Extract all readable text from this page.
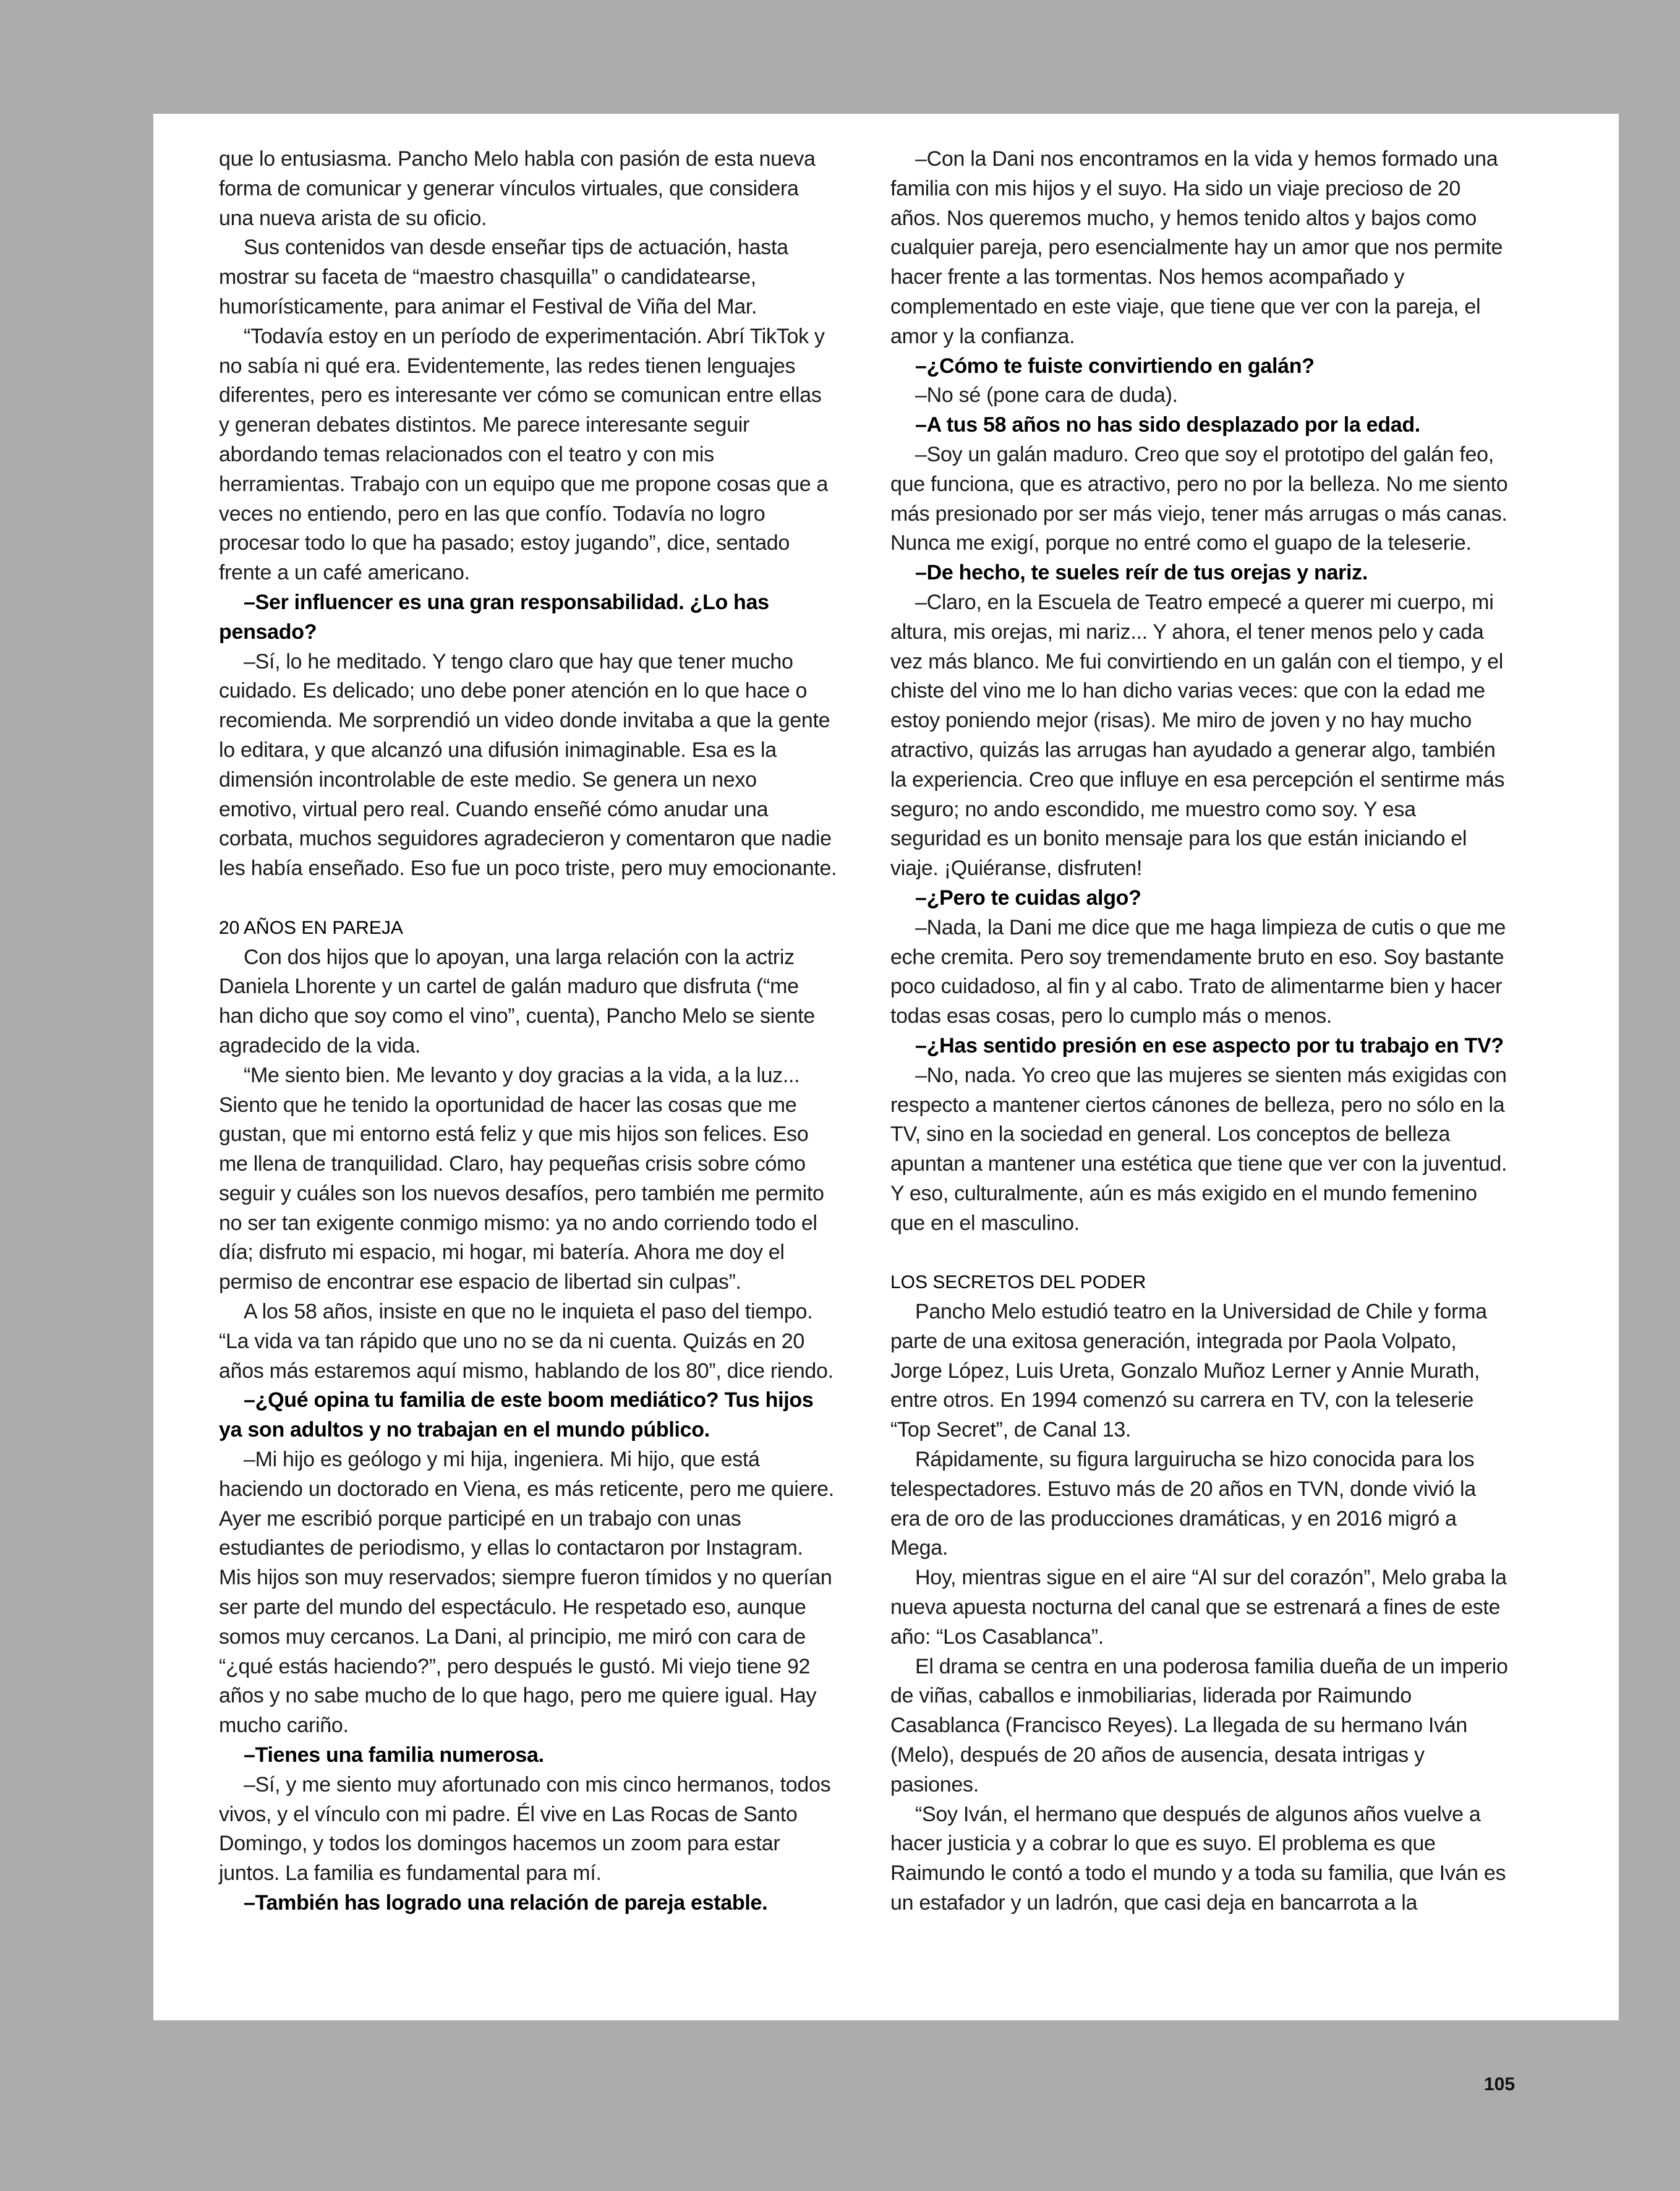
que lo entusiasma. Pancho Melo habla con pasión de esta nueva forma de comunicar y generar vínculos virtuales, que considera una nueva arista de su oficio.

Sus contenidos van desde enseñar tips de actuación, hasta mostrar su faceta de “maestro chasquilla” o candidatearse, humorísticamente, para animar el Festival de Viña del Mar.

“Todavía estoy en un período de experimentación. Abrí TikTok y no sabía ni qué era. Evidentemente, las redes tienen lenguajes diferentes, pero es interesante ver cómo se comunican entre ellas y generan debates distintos. Me parece interesante seguir abordando temas relacionados con el teatro y con mis herramientas. Trabajo con un equipo que me propone cosas que a veces no entiendo, pero en las que confío. Todavía no logro procesar todo lo que ha pasado; estoy jugando”, dice, sentado frente a un café americano.

–Ser influencer es una gran responsabilidad. ¿Lo has pensado?

–Sí, lo he meditado. Y tengo claro que hay que tener mucho cuidado. Es delicado; uno debe poner atención en lo que hace o recomienda. Me sorprendió un video donde invitaba a que la gente lo editara, y que alcanzó una difusión inimaginable. Esa es la dimensión incontrolable de este medio. Se genera un nexo emotivo, virtual pero real. Cuando enseñé cómo anudar una corbata, muchos seguidores agradecieron y comentaron que nadie les había enseñado. Eso fue un poco triste, pero muy emocionante.

20 AÑOS EN PAREJA

Con dos hijos que lo apoyan, una larga relación con la actriz Daniela Lhorente y un cartel de galán maduro que disfruta (“me han dicho que soy como el vino”, cuenta), Pancho Melo se siente agradecido de la vida.

“Me siento bien. Me levanto y doy gracias a la vida, a la luz... Siento que he tenido la oportunidad de hacer las cosas que me gustan, que mi entorno está feliz y que mis hijos son felices. Eso me llena de tranquilidad. Claro, hay pequeñas crisis sobre cómo seguir y cuáles son los nuevos desafíos, pero también me permito no ser tan exigente conmigo mismo: ya no ando corriendo todo el día; disfruto mi espacio, mi hogar, mi batería. Ahora me doy el permiso de encontrar ese espacio de libertad sin culpas”.

A los 58 años, insiste en que no le inquieta el paso del tiempo. “La vida va tan rápido que uno no se da ni cuenta. Quizás en 20 años más estaremos aquí mismo, hablando de los 80”, dice riendo.

–¿Qué opina tu familia de este boom mediático? Tus hijos ya son adultos y no trabajan en el mundo público.

–Mi hijo es geólogo y mi hija, ingeniera. Mi hijo, que está haciendo un doctorado en Viena, es más reticente, pero me quiere. Ayer me escribió porque participé en un trabajo con unas estudiantes de periodismo, y ellas lo contactaron por Instagram. Mis hijos son muy reservados; siempre fueron tímidos y no querían ser parte del mundo del espectáculo. He respetado eso, aunque somos muy cercanos. La Dani, al principio, me miró con cara de “¿qué estás haciendo?”, pero después le gustó. Mi viejo tiene 92 años y no sabe mucho de lo que hago, pero me quiere igual. Hay mucho cariño.

–Tienes una familia numerosa.

–Sí, y me siento muy afortunado con mis cinco hermanos, todos vivos, y el vínculo con mi padre. Él vive en Las Rocas de Santo Domingo, y todos los domingos hacemos un zoom para estar juntos. La familia es fundamental para mí.

–También has logrado una relación de pareja estable.

–Con la Dani nos encontramos en la vida y hemos formado una familia con mis hijos y el suyo. Ha sido un viaje precioso de 20 años. Nos queremos mucho, y hemos tenido altos y bajos como cualquier pareja, pero esencialmente hay un amor que nos permite hacer frente a las tormentas. Nos hemos acompañado y complementado en este viaje, que tiene que ver con la pareja, el amor y la confianza.

–¿Cómo te fuiste convirtiendo en galán?

–No sé (pone cara de duda).

–A tus 58 años no has sido desplazado por la edad.

–Soy un galán maduro. Creo que soy el prototipo del galán feo, que funciona, que es atractivo, pero no por la belleza. No me siento más presionado por ser más viejo, tener más arrugas o más canas. Nunca me exigí, porque no entré como el guapo de la teleserie.

–De hecho, te sueles reír de tus orejas y nariz.

–Claro, en la Escuela de Teatro empecé a querer mi cuerpo, mi altura, mis orejas, mi nariz... Y ahora, el tener menos pelo y cada vez más blanco. Me fui convirtiendo en un galán con el tiempo, y el chiste del vino me lo han dicho varias veces: que con la edad me estoy poniendo mejor (risas). Me miro de joven y no hay mucho atractivo, quizás las arrugas han ayudado a generar algo, también la experiencia. Creo que influye en esa percepción el sentirme más seguro; no ando escondido, me muestro como soy. Y esa seguridad es un bonito mensaje para los que están iniciando el viaje. ¡Quiéranse, disfruten!

–¿Pero te cuidas algo?

–Nada, la Dani me dice que me haga limpieza de cutis o que me eche cremita. Pero soy tremendamente bruto en eso. Soy bastante poco cuidadoso, al fin y al cabo. Trato de alimentarme bien y hacer todas esas cosas, pero lo cumplo más o menos.

–¿Has sentido presión en ese aspecto por tu trabajo en TV?

–No, nada. Yo creo que las mujeres se sienten más exigidas con respecto a mantener ciertos cánones de belleza, pero no sólo en la TV, sino en la sociedad en general. Los conceptos de belleza apuntan a mantener una estética que tiene que ver con la juventud. Y eso, culturalmente, aún es más exigido en el mundo femenino que en el masculino.

LOS SECRETOS DEL PODER

Pancho Melo estudió teatro en la Universidad de Chile y forma parte de una exitosa generación, integrada por Paola Volpato, Jorge López, Luis Ureta, Gonzalo Muñoz Lerner y Annie Murath, entre otros. En 1994 comenzó su carrera en TV, con la teleserie “Top Secret”, de Canal 13.

Rápidamente, su figura larguirucha se hizo conocida para los telespectadores. Estuvo más de 20 años en TVN, donde vivió la era de oro de las producciones dramáticas, y en 2016 migró a Mega.

Hoy, mientras sigue en el aire “Al sur del corazón”, Melo graba la nueva apuesta nocturna del canal que se estrenará a fines de este año: “Los Casablanca”.

El drama se centra en una poderosa familia dueña de un imperio de viñas, caballos e inmobiliarias, liderada por Raimundo Casablanca (Francisco Reyes). La llegada de su hermano Iván (Melo), después de 20 años de ausencia, desata intrigas y pasiones.

“Soy Iván, el hermano que después de algunos años vuelve a hacer justicia y a cobrar lo que es suyo. El problema es que Raimundo le contó a todo el mundo y a toda su familia, que Iván es un estafador y un ladrón, que casi deja en bancarrota a la

105
